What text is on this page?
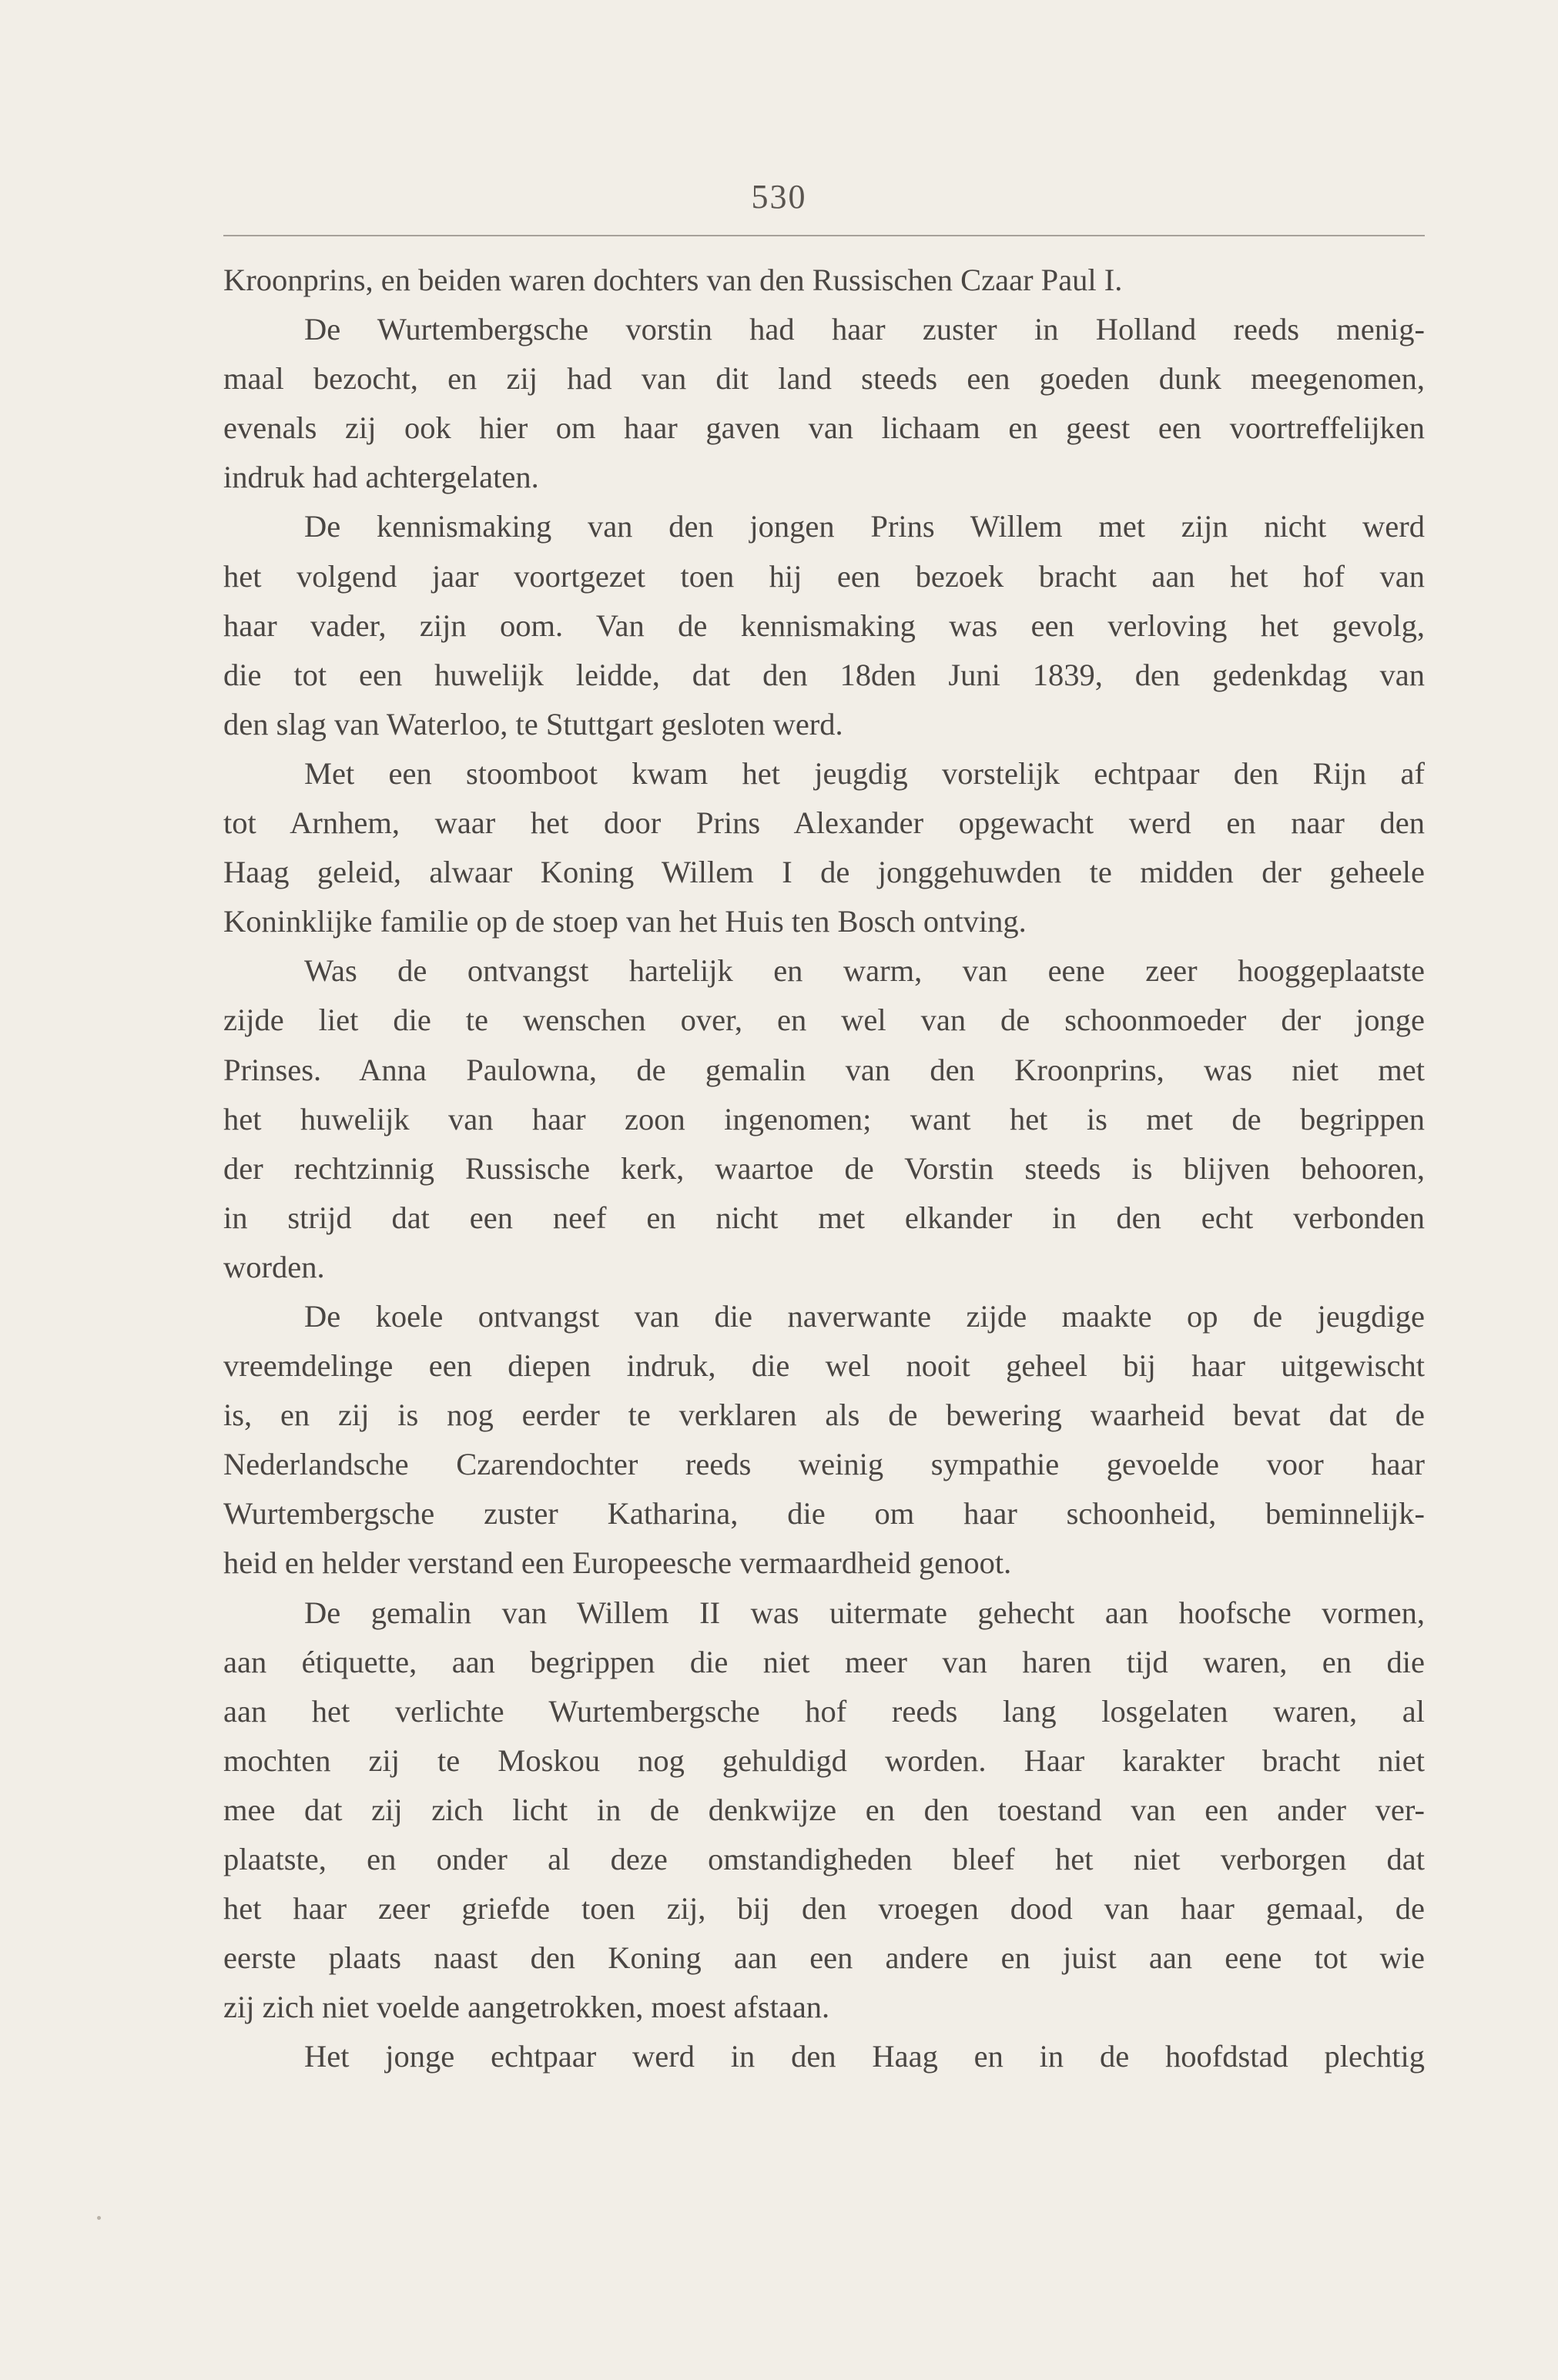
530

Kroonprins, en beiden waren dochters van den Russischen Czaar Paul I.

De Wurtembergsche vorstin had haar zuster in Holland reeds menig-
maal bezocht, en zij had van dit land steeds een goeden dunk meegenomen,
evenals zij ook hier om haar gaven van lichaam en geest een voortreffelijken
indruk had achtergelaten.

De kennismaking van den jongen Prins Willem met zijn nicht werd
het volgend jaar voortgezet toen hij een bezoek bracht aan het hof van
haar vader, zijn oom. Van de kennismaking was een verloving het gevolg,
die tot een huwelijk leidde, dat den 18den Juni 1839, den gedenkdag van
den slag van Waterloo, te Stuttgart gesloten werd.

Met een stoomboot kwam het jeugdig vorstelijk echtpaar den Rijn af
tot Arnhem, waar het door Prins Alexander opgewacht werd en naar den
Haag geleid, alwaar Koning Willem I de jonggehuwden te midden der geheele
Koninklijke familie op de stoep van het Huis ten Bosch ontving.

Was de ontvangst hartelijk en warm, van eene zeer hooggeplaatste
zijde liet die te wenschen over, en wel van de schoonmoeder der jonge
Prinses. Anna Paulowna, de gemalin van den Kroonprins, was niet met
het huwelijk van haar zoon ingenomen; want het is met de begrippen
der rechtzinnig Russische kerk, waartoe de Vorstin steeds is blijven behooren,
in strijd dat een neef en nicht met elkander in den echt verbonden
worden.

De koele ontvangst van die naverwante zijde maakte op de jeugdige
vreemdelinge een diepen indruk, die wel nooit geheel bij haar uitgewischt
is, en zij is nog eerder te verklaren als de bewering waarheid bevat dat de
Nederlandsche Czarendochter reeds weinig sympathie gevoelde voor haar
Wurtembergsche zuster Katharina, die om haar schoonheid, beminnelijk-
heid en helder verstand een Europeesche vermaardheid genoot.

De gemalin van Willem II was uitermate gehecht aan hoofsche vormen,
aan étiquette, aan begrippen die niet meer van haren tijd waren, en die
aan het verlichte Wurtembergsche hof reeds lang losgelaten waren, al
mochten zij te Moskou nog gehuldigd worden. Haar karakter bracht niet
mee dat zij zich licht in de denkwijze en den toestand van een ander ver-
plaatste, en onder al deze omstandigheden bleef het niet verborgen dat
het haar zeer griefde toen zij, bij den vroegen dood van haar gemaal, de
eerste plaats naast den Koning aan een andere en juist aan eene tot wie
zij zich niet voelde aangetrokken, moest afstaan.

Het jonge echtpaar werd in den Haag en in de hoofdstad plechtig
